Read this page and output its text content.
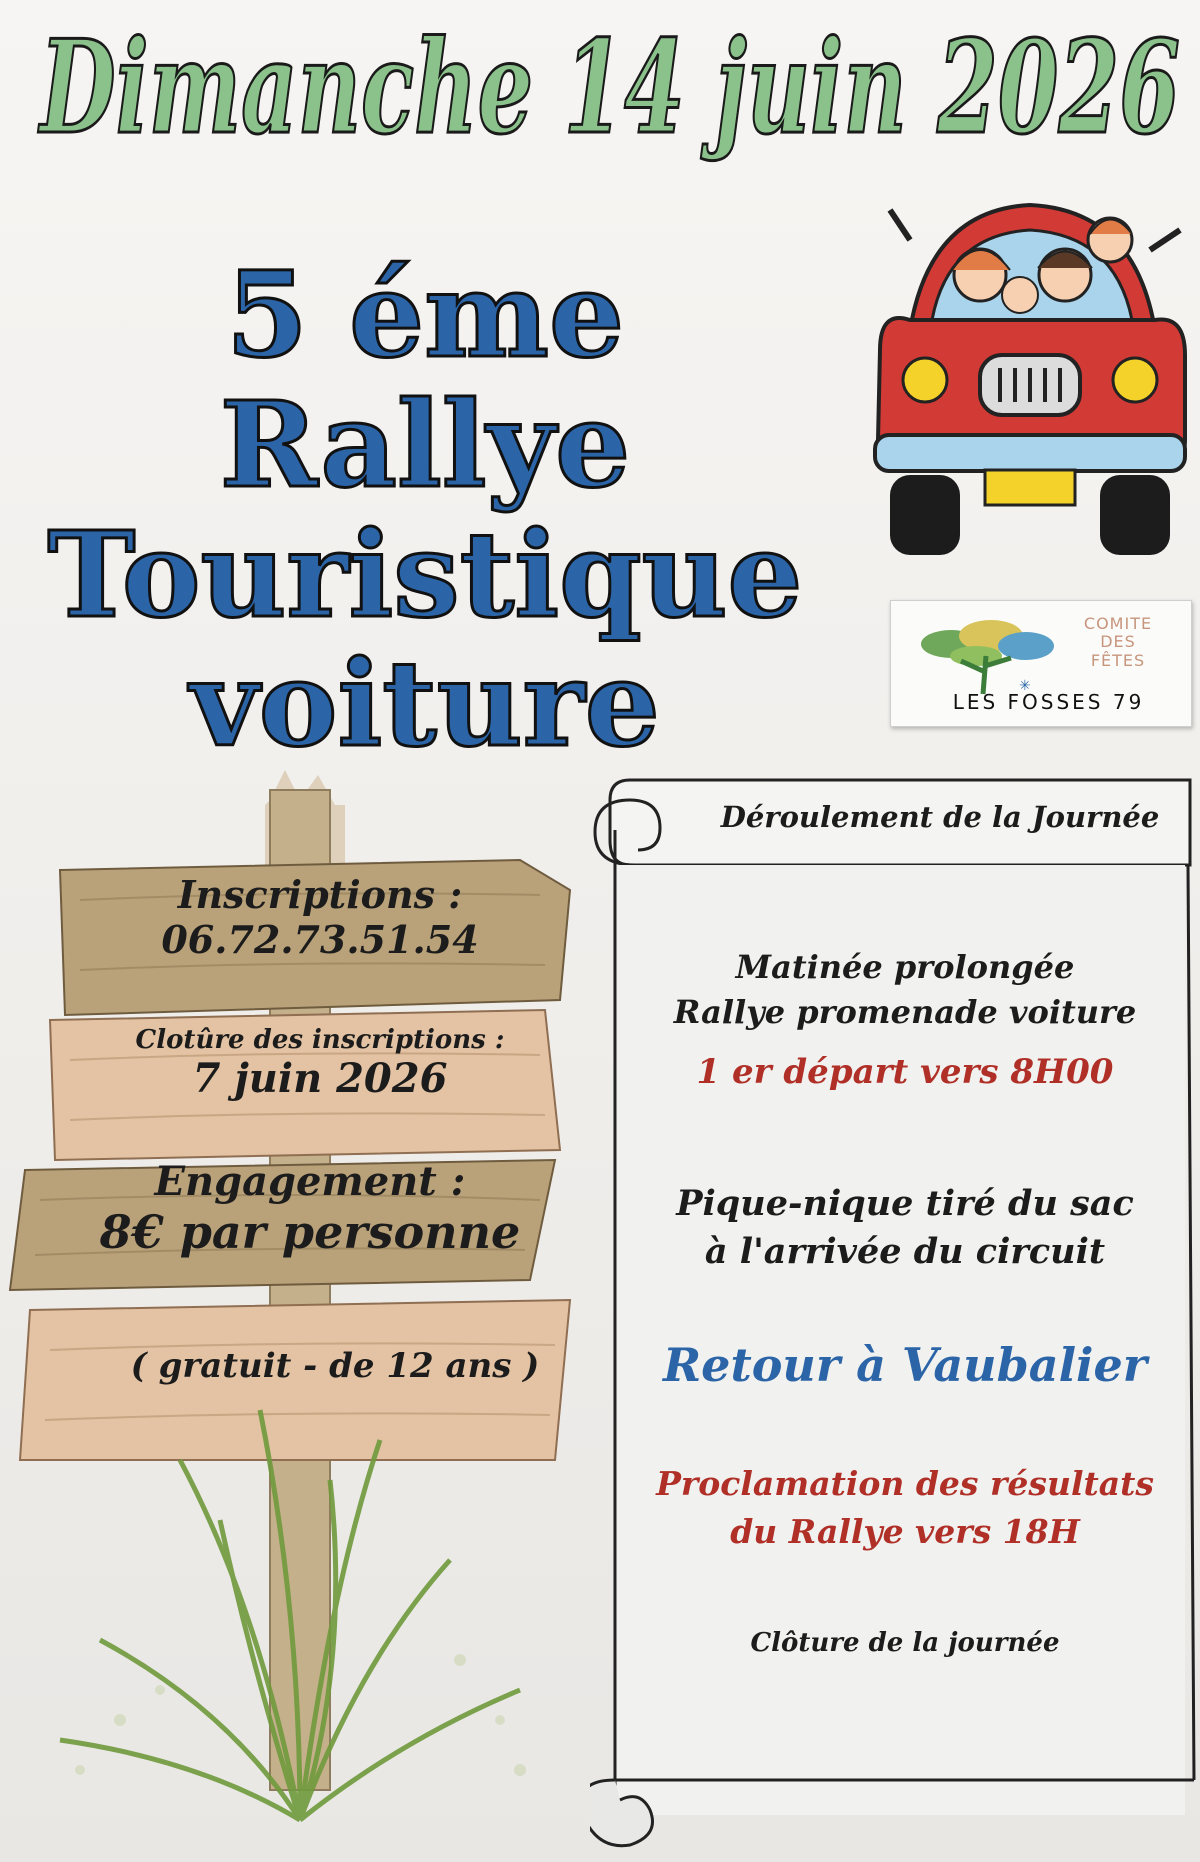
Dimanche 14 juin 2026
5 éme Rallye
Touristique
voiture	✳
COMITE
DES
FÊTES
LES FOSSES 79
Inscriptions :
06.72.73.51.54
Clotûre des inscriptions :
7 juin 2026
Engagement :
8€ par personne
( gratuit - de 12 ans )
Déroulement de la Journée
Matinée prolongée
Rallye promenade voiture
1 er départ vers 8H00
Pique-nique tiré du sac
à l'arrivée du circuit
Retour à Vaubalier
Proclamation des résultats
du Rallye vers 18H
Clôture de la journée
